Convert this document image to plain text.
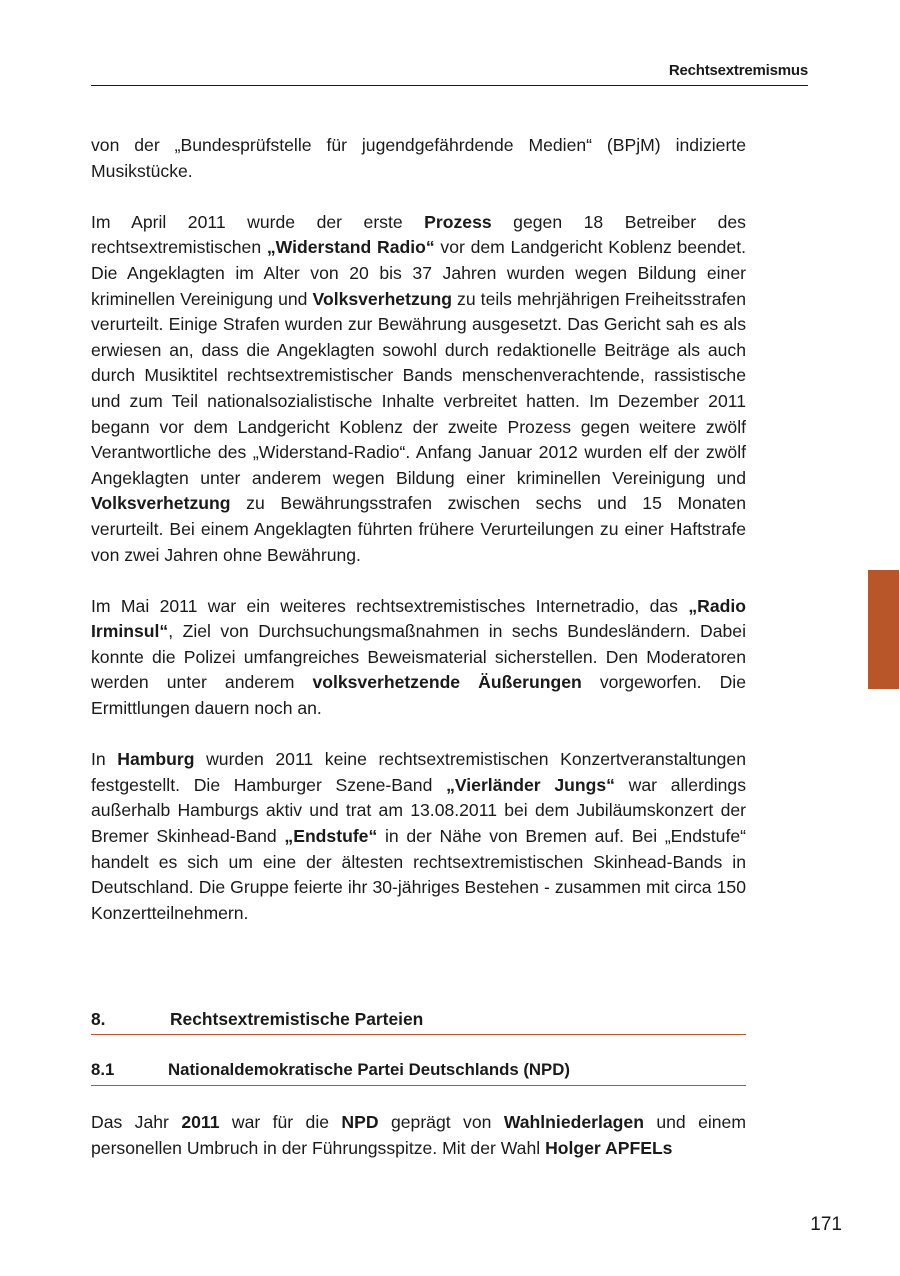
Rechtsextremismus

von der „Bundesprüfstelle für jugendgefährdende Medien“ (BPjM) indizierte Musikstücke.

Im April 2011 wurde der erste Prozess gegen 18 Betreiber des rechtsextremistischen „Widerstand Radio“ vor dem Landgericht Koblenz beendet. Die Angeklagten im Alter von 20 bis 37 Jahren wurden wegen Bildung einer kriminellen Vereinigung und Volksverhetzung zu teils mehrjährigen Freiheitsstrafen verurteilt. Einige Strafen wurden zur Bewährung ausgesetzt. Das Gericht sah es als erwiesen an, dass die Angeklagten sowohl durch redaktionelle Beiträge als auch durch Musiktitel rechtsextremistischer Bands menschenverachtende, rassistische und zum Teil nationalsozialistische Inhalte verbreitet hatten. Im Dezember 2011 begann vor dem Landgericht Koblenz der zweite Prozess gegen weitere zwölf Verantwortliche des „Widerstand-Radio“. Anfang Januar 2012 wurden elf der zwölf Angeklagten unter anderem wegen Bildung einer kriminellen Vereinigung und Volksverhetzung zu Bewährungsstrafen zwischen sechs und 15 Monaten verurteilt. Bei einem Angeklagten führten frühere Verurteilungen zu einer Haftstrafe von zwei Jahren ohne Bewährung.

Im Mai 2011 war ein weiteres rechtsextremistisches Internetradio, das „Radio Irminsul“, Ziel von Durchsuchungsmaßnahmen in sechs Bundesländern. Dabei konnte die Polizei umfangreiches Beweismaterial sicherstellen. Den Moderatoren werden unter anderem volksverhetzende Äußerungen vorgeworfen. Die Ermittlungen dauern noch an.

In Hamburg wurden 2011 keine rechtsextremistischen Konzertveranstaltungen festgestellt. Die Hamburger Szene-Band „Vierländer Jungs“ war allerdings außerhalb Hamburgs aktiv und trat am 13.08.2011 bei dem Jubiläumskonzert der Bremer Skinhead-Band „Endstufe“ in der Nähe von Bremen auf. Bei „Endstufe“ handelt es sich um eine der ältesten rechtsextremistischen Skinhead-Bands in Deutschland. Die Gruppe feierte ihr 30-jähriges Bestehen - zusammen mit circa 150 Konzertteilnehmern.

8.	Rechtsextremistische Parteien
8.1	Nationaldemokratische Partei Deutschlands (NPD)

Das Jahr 2011 war für die NPD geprägt von Wahlniederlagen und einem personellen Umbruch in der Führungsspitze. Mit der Wahl Holger APFELs

171
